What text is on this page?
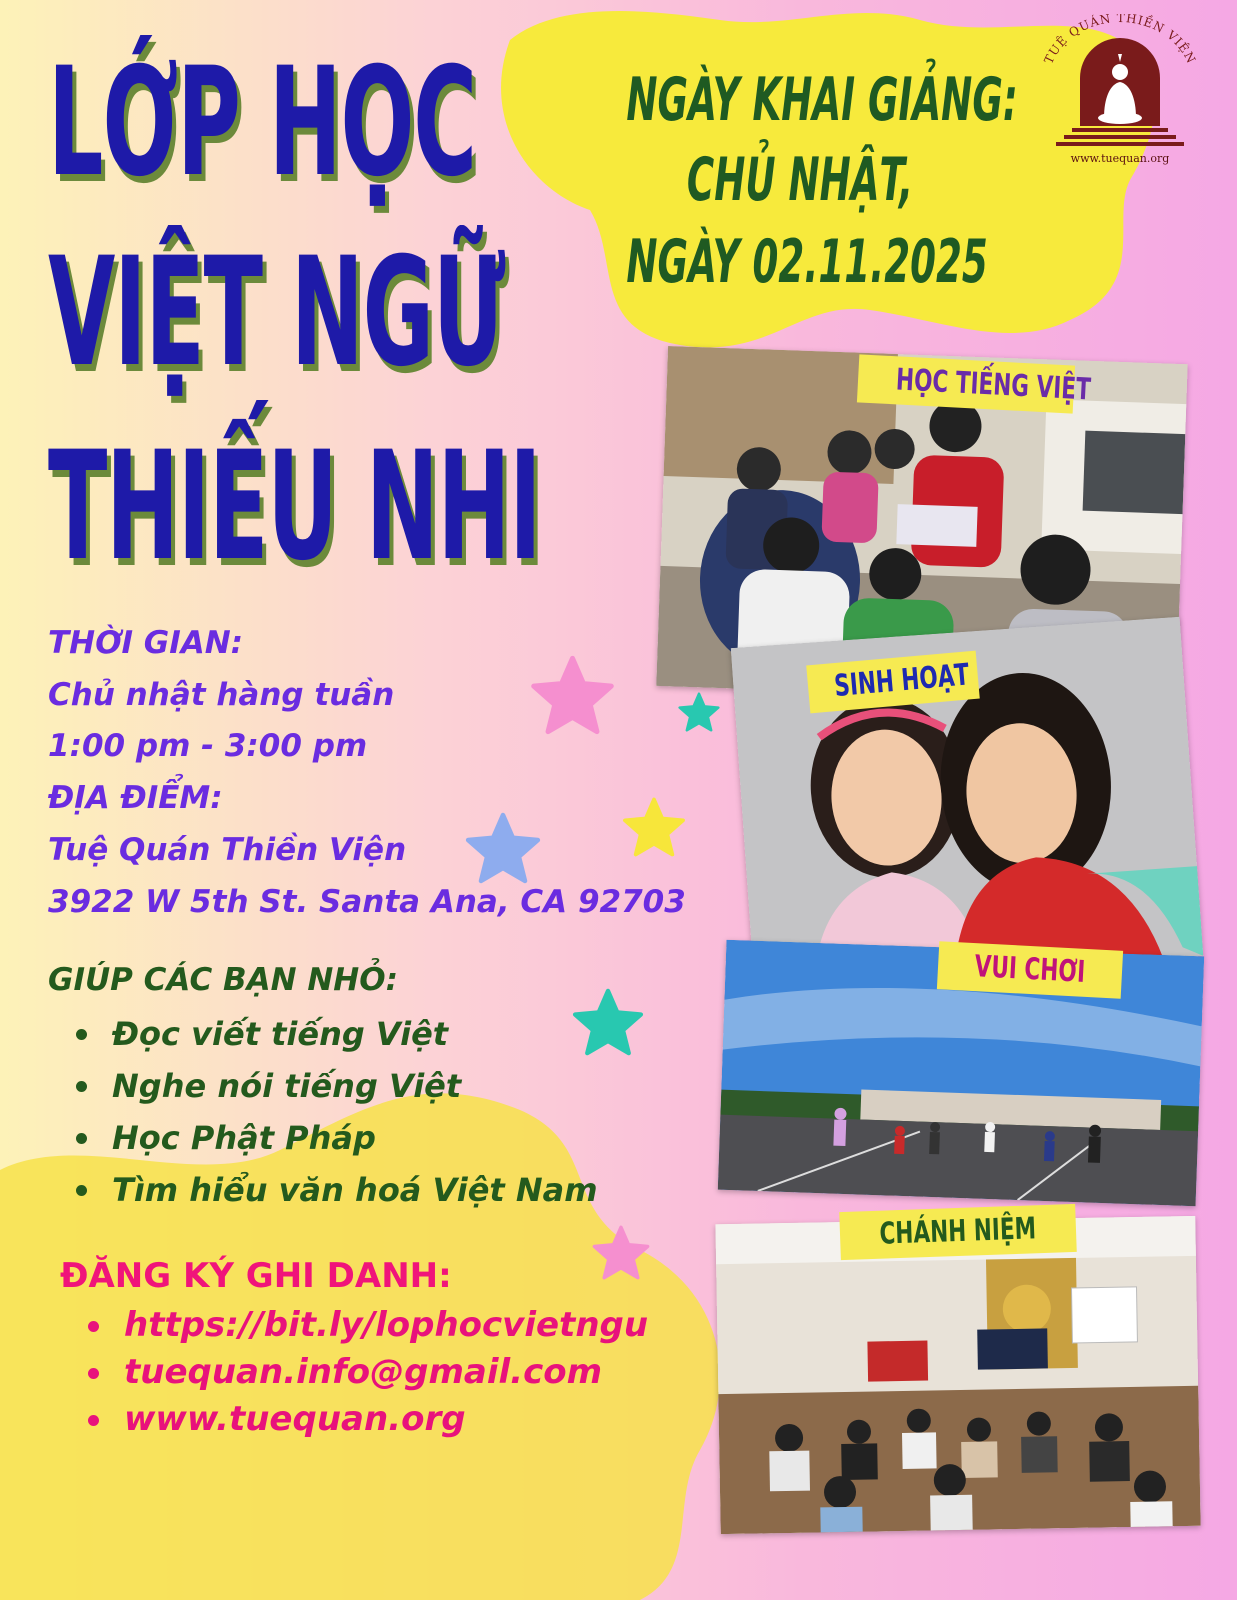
LỚP HỌC
VIỆT NGỮ
THIẾU NHI
NGÀY KHAI GIẢNG:
CHỦ NHẬT,
NGÀY 02.11.2025
TUỆ QUÁN THIỀN VIỆN
www.tuequan.org
THỜI GIAN:
Chủ nhật hàng tuần
1:00 pm - 3:00 pm
ĐỊA ĐIỂM:
Tuệ Quán Thiền Viện
3922 W 5th St. Santa Ana, CA 92703
GIÚP CÁC BẠN NHỎ:
Đọc viết tiếng Việt
Nghe nói tiếng Việt
Học Phật Pháp
Tìm hiểu văn hoá Việt Nam
ĐĂNG KÝ GHI DANH:
https://bit.ly/lophocvietngu
tuequan.info@gmail.com
www.tuequan.org
HỌC TIẾNG VIỆT
SINH HOẠT
VUI CHƠI
CHÁNH NIỆM
